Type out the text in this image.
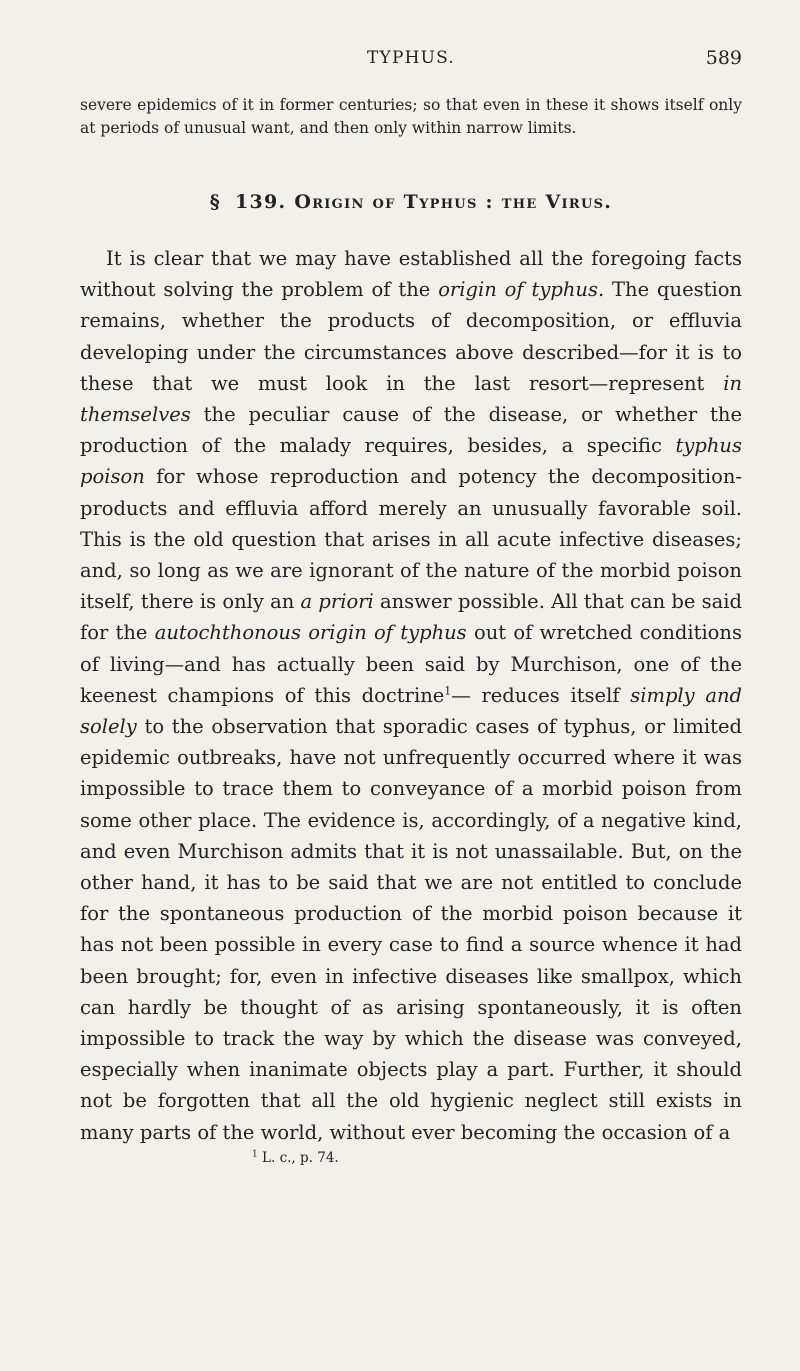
TYPHUS.	589

severe epidemics of it in former centuries; so that even in these it shows itself only at periods of unusual want, and then only within narrow limits.

§ 139. Origin of Typhus : the Virus.

It is clear that we may have established all the foregoing facts without solving the problem of the origin of typhus. The question remains, whether the products of decomposition, or effluvia developing under the circumstances above described—for it is to these that we must look in the last resort—represent in themselves the peculiar cause of the disease, or whether the production of the malady requires, besides, a specific typhus poison for whose reproduction and potency the decomposition-products and effluvia afford merely an unusually favorable soil. This is the old question that arises in all acute infective diseases; and, so long as we are ignorant of the nature of the morbid poison itself, there is only an a priori answer possible. All that can be said for the autochthonous origin of typhus out of wretched conditions of living—and has actually been said by Murchison, one of the keenest champions of this doctrine$^1$— reduces itself simply and solely to the observation that sporadic cases of typhus, or limited epidemic outbreaks, have not unfrequently occurred where it was impossible to trace them to conveyance of a morbid poison from some other place. The evidence is, accordingly, of a negative kind, and even Murchison admits that it is not unassailable. But, on the other hand, it has to be said that we are not entitled to conclude for the spontaneous production of the morbid poison because it has not been possible in every case to find a source whence it had been brought; for, even in infective diseases like smallpox, which can hardly be thought of as arising spontaneously, it is often impossible to track the way by which the disease was conveyed, especially when inanimate objects play a part. Further, it should not be forgotten that all the old hygienic neglect still exists in many parts of the world, without ever becoming the occasion of a

$^1$ L. c., p. 74.
